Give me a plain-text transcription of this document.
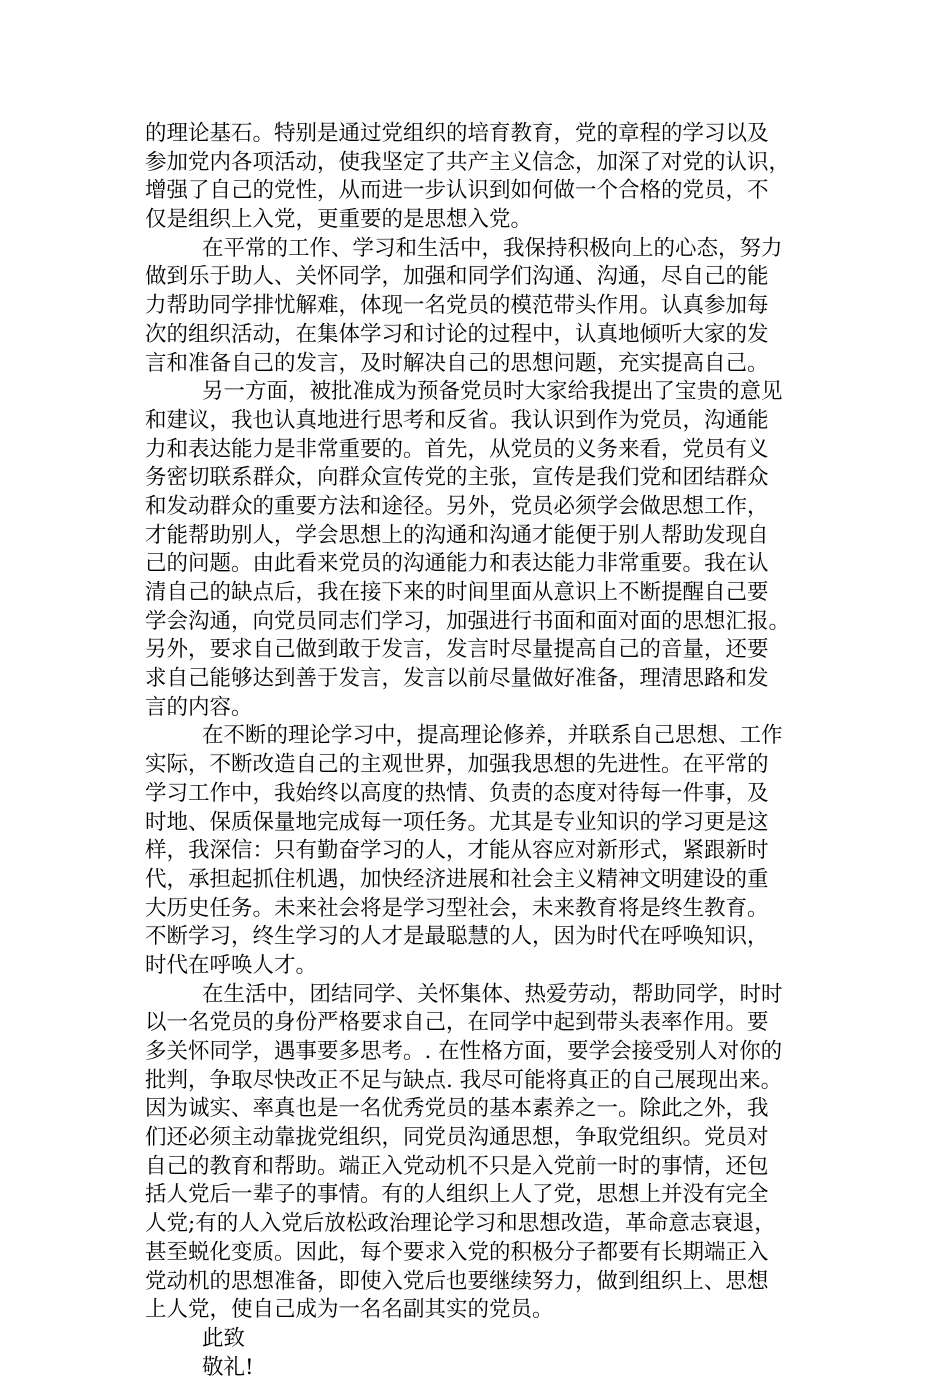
的理论基石。特别是通过党组织的培育教育，党的章程的学习以及
参加党内各项活动，使我坚定了共产主义信念，加深了对党的认识，
增强了自己的党性，从而进一步认识到如何做一个合格的党员，不
仅是组织上入党，更重要的是思想入党。
在平常的工作、学习和生活中，我保持积极向上的心态，努力
做到乐于助人、关怀同学，加强和同学们沟通、沟通，尽自己的能
力帮助同学排忧解难，体现一名党员的模范带头作用。认真参加每
次的组织活动，在集体学习和讨论的过程中，认真地倾听大家的发
言和准备自己的发言，及时解决自己的思想问题，充实提高自己。
另一方面，被批准成为预备党员时大家给我提出了宝贵的意见
和建议，我也认真地进行思考和反省。我认识到作为党员，沟通能
力和表达能力是非常重要的。首先，从党员的义务来看，党员有义
务密切联系群众，向群众宣传党的主张，宣传是我们党和团结群众
和发动群众的重要方法和途径。另外，党员必须学会做思想工作，
才能帮助别人，学会思想上的沟通和沟通才能便于别人帮助发现自
己的问题。由此看来党员的沟通能力和表达能力非常重要。我在认
清自己的缺点后，我在接下来的时间里面从意识上不断提醒自己要
学会沟通，向党员同志们学习，加强进行书面和面对面的思想汇报。
另外，要求自己做到敢于发言，发言时尽量提高自己的音量，还要
求自己能够达到善于发言，发言以前尽量做好准备，理清思路和发
言的内容。
在不断的理论学习中，提高理论修养，并联系自己思想、工作
实际，不断改造自己的主观世界，加强我思想的先进性。在平常的
学习工作中，我始终以高度的热情、负责的态度对待每一件事，及
时地、保质保量地完成每一项任务。尤其是专业知识的学习更是这
样，我深信：只有勤奋学习的人，才能从容应对新形式，紧跟新时
代，承担起抓住机遇，加快经济进展和社会主义精神文明建设的重
大历史任务。未来社会将是学习型社会，未来教育将是终生教育。
不断学习，终生学习的人才是最聪慧的人，因为时代在呼唤知识，
时代在呼唤人才。
在生活中，团结同学、关怀集体、热爱劳动，帮助同学，时时
以一名党员的身份严格要求自己，在同学中起到带头表率作用。要
多关怀同学，遇事要多思考。. 在性格方面，要学会接受别人对你的
批判，争取尽快改正不足与缺点. 我尽可能将真正的自己展现出来。
因为诚实、率真也是一名优秀党员的基本素养之一。除此之外，我
们还必须主动靠拢党组织，同党员沟通思想，争取党组织。党员对
自己的教育和帮助。端正入党动机不只是入党前一时的事情，还包
括人党后一辈子的事情。有的人组织上人了党，思想上并没有完全
人党;有的人入党后放松政治理论学习和思想改造，革命意志衰退，
甚至蜕化变质。因此，每个要求入党的积极分子都要有长期端正入
党动机的思想准备，即使入党后也要继续努力，做到组织上、思想
上人党，使自己成为一名名副其实的党员。
此致
敬礼!
